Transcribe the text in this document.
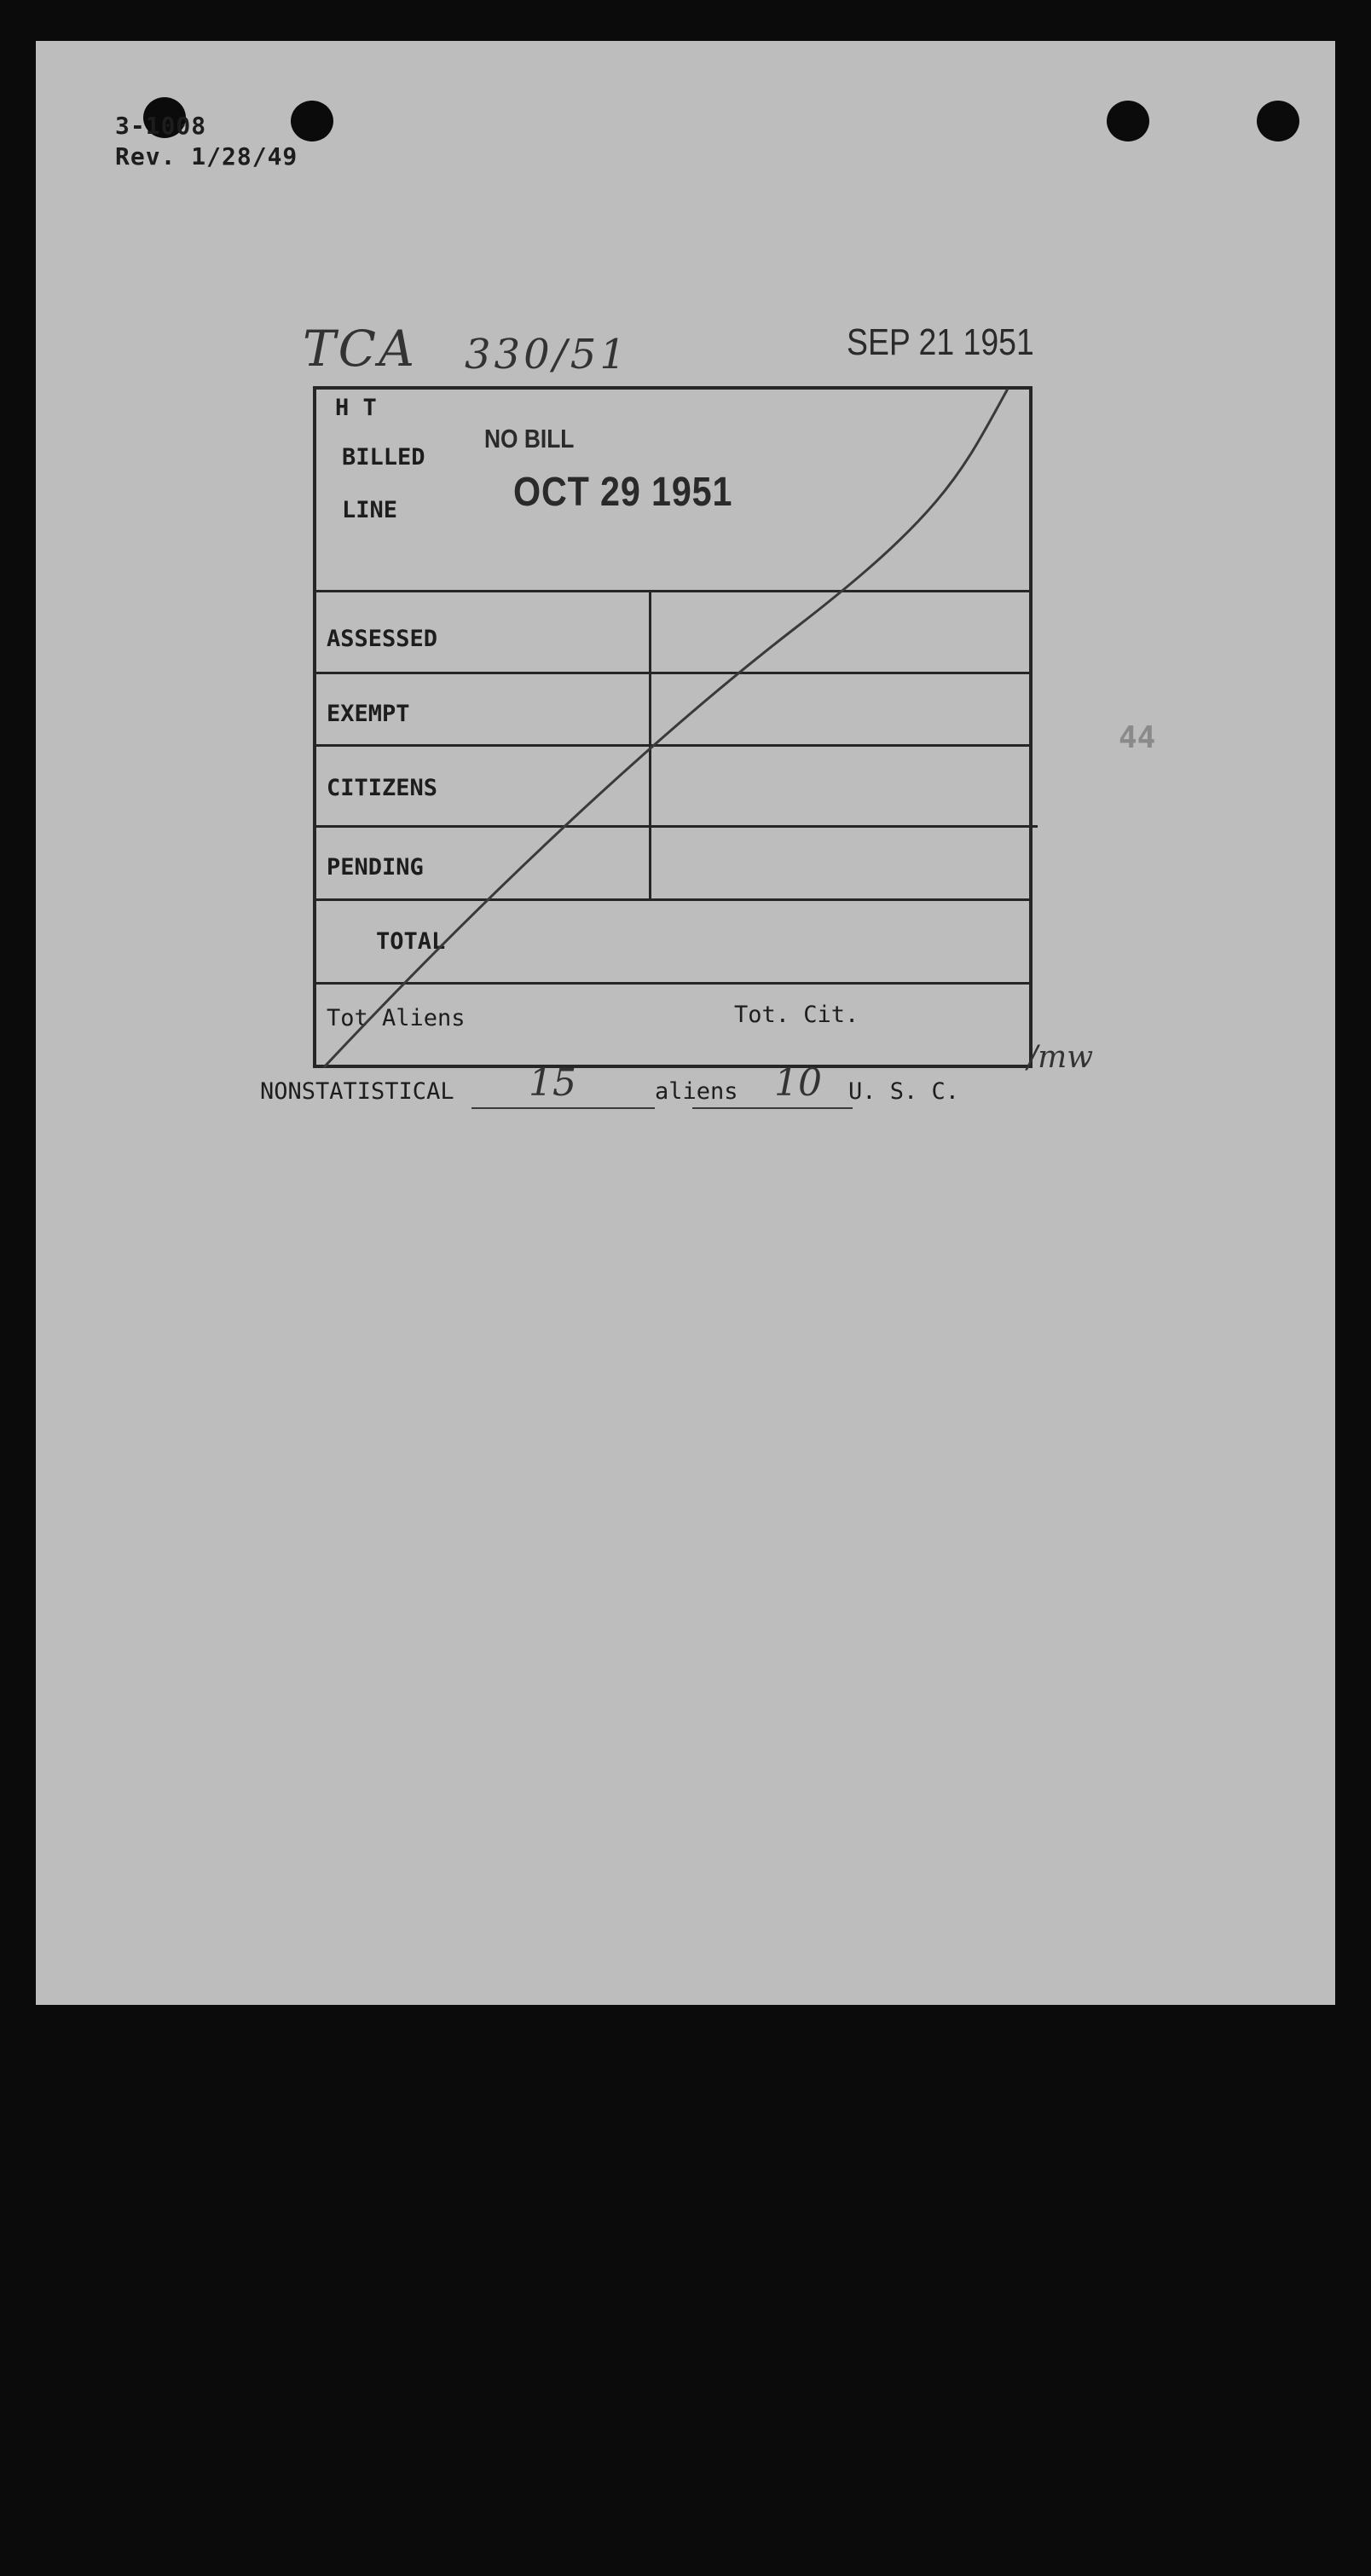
3-1008
Rev. 1/28/49
TCA 330/51	SEP 21 1951
44
H T
BILLED
LINE
ASSESSED
EXEMPT
CITIZENS
PENDING
TOTAL
Tot Aliens	Tot. Cit.
NO BILL
OCT 29 1951
NONSTATISTICAL 15	aliens 10 U. S. C.
/mw
